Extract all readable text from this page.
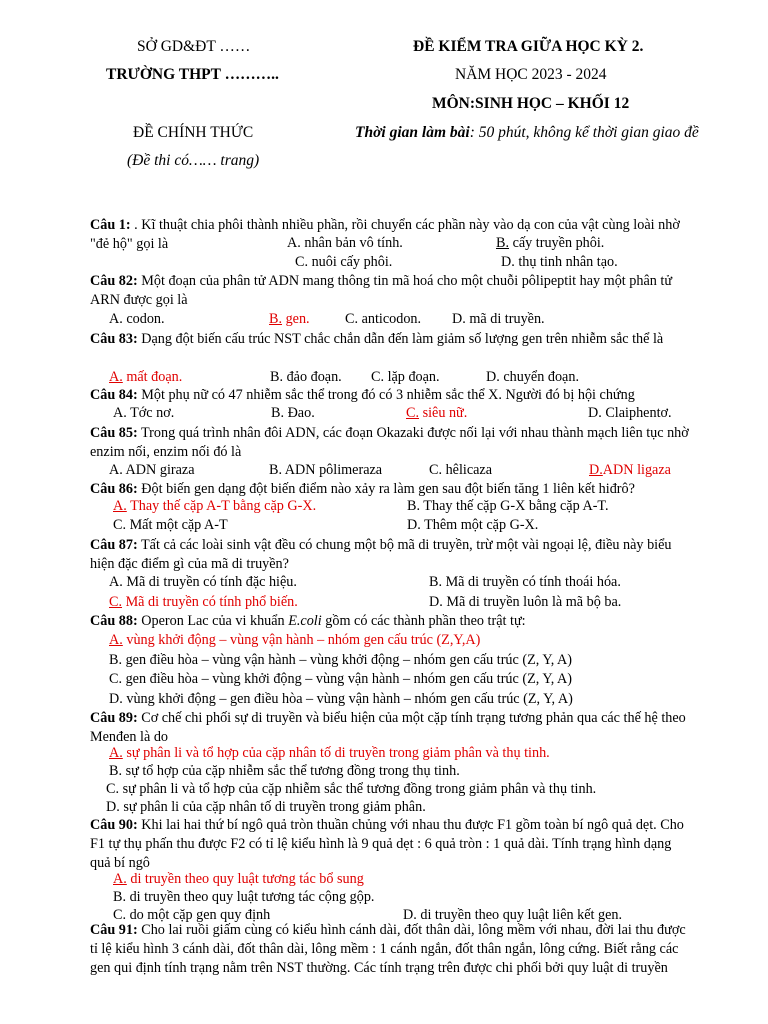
SỞ GD&ĐT ……
TRƯỜNG THPT ………..
ĐỀ CHÍNH THỨC
(Đề thi có…… trang)
ĐỀ KIỂM TRA GIỮA HỌC KỲ 2.
NĂM HỌC 2023 - 2024
MÔN:SINH HỌC – KHỐI 12
Thời gian làm bài: 50 phút, không kể thời gian giao đề
Câu 1: . Kĩ thuật chia phôi thành nhiều phần, rồi chuyển các phần này vào dạ con của vật cùng loài nhờ "đẻ hộ" gọi là	A. nhân bản vô tính.	B. cấy truyền phôi.
C. nuôi cấy phôi.	D. thụ tinh nhân tạo.
Câu 82: Một đoạn của phân tử ADN mang thông tin mã hoá cho một chuỗi pôlipeptit hay một phân tử ARN được gọi là
A. codon.	B. gen. C. anticodon. D. mã di truyền.
Câu 83: Dạng đột biến cấu trúc NST chắc chắn dẫn đến làm giảm số lượng gen trên nhiễm sắc thể là
A. mất đoạn.	B. đảo đoạn. C. lặp đoạn.	D. chuyển đoạn.
Câu 84: Một phụ nữ có 47 nhiễm sắc thể trong đó có 3 nhiễm sắc thể X. Người đó bị hội chứng
A. Tớc nơ.	B. Đao.	C. siêu nữ.	D. Claiphentơ.
Câu 85: Trong quá trình nhân đôi ADN, các đoạn Okazaki được nối lại với nhau thành mạch liên tục nhờ enzim nối, enzim nối đó là
A. ADN giraza	B. ADN pôlimeraza	C. hêlicaza	D.ADN ligaza
Câu 86: Đột biến gen dạng đột biến điểm nào xảy ra làm gen sau đột biến tăng 1 liên kết hiđrô?
A. Thay thế cặp A-T bằng cặp G-X.	B. Thay thế cặp G-X bằng cặp A-T.
C. Mất một cặp A-T	D. Thêm một cặp G-X.
Câu 87: Tất cả các loài sinh vật đều có chung một bộ mã di truyền, trừ một vài ngoại lệ, điều này biểu hiện đặc điểm gì của mã di truyền?
A. Mã di truyền có tính đặc hiệu.	B. Mã di truyền có tính thoái hóa.
C. Mã di truyền có tính phổ biến.	D. Mã di truyền luôn là mã bộ ba.
Câu 88: Operon Lac của vi khuẩn E.coli gồm có các thành phần theo trật tự:
A. vùng khởi động – vùng vận hành – nhóm gen cấu trúc (Z,Y,A)
B. gen điều hòa – vùng vận hành – vùng khởi động – nhóm gen cấu trúc (Z, Y, A)
C. gen điều hòa – vùng khởi động – vùng vận hành – nhóm gen cấu trúc (Z, Y, A)
D. vùng khởi động – gen điều hòa – vùng vận hành – nhóm gen cấu trúc (Z, Y, A)
Câu 89: Cơ chế chi phối sự di truyền và biểu hiện của một cặp tính trạng tương phản qua các thế hệ theo Menđen là do
A. sự phân li và tổ hợp của cặp nhân tố di truyền trong giảm phân và thụ tinh.
B. sự tổ hợp của cặp nhiễm sắc thể tương đồng trong thụ tinh.
C. sự phân li và tổ hợp của cặp nhiễm sắc thể tương đồng trong giảm phân và thụ tinh.
D. sự phân li của cặp nhân tố di truyền trong giảm phân.
Câu 90: Khi lai hai thứ bí ngô quả tròn thuần chủng với nhau thu được F1 gồm toàn bí ngô quả dẹt. Cho F1 tự thụ phấn thu được F2 có tỉ lệ kiểu hình là 9 quả dẹt : 6 quả tròn : 1 quả dài. Tính trạng hình dạng quả bí ngô
A. di truyền theo quy luật tương tác bổ sung
B. di truyền theo quy luật tương tác cộng gộp.
C. do một cặp gen quy định	D. di truyền theo quy luật liên kết gen.
Câu 91: Cho lai ruồi giấm cùng có kiểu hình cánh dài, đốt thân dài, lông mềm với nhau, đời lai thu được tỉ lệ kiểu hình 3 cánh dài, đốt thân dài, lông mềm : 1 cánh ngắn, đốt thân ngắn, lông cứng. Biết rằng các gen qui định tính trạng nằm trên NST thường. Các tính trạng trên được chi phối bởi quy luật di truyền
